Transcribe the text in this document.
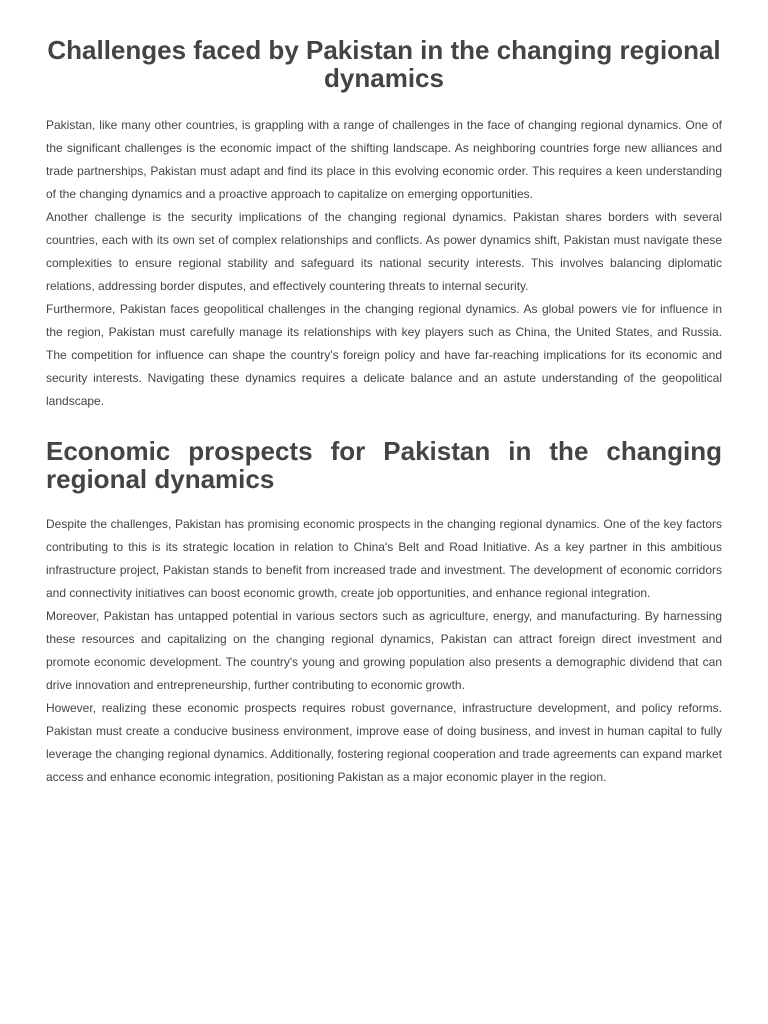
Challenges faced by Pakistan in the changing regional dynamics

Pakistan, like many other countries, is grappling with a range of challenges in the face of changing regional dynamics. One of the significant challenges is the economic impact of the shifting landscape. As neighboring countries forge new alliances and trade partnerships, Pakistan must adapt and find its place in this evolving economic order. This requires a keen understanding of the changing dynamics and a proactive approach to capitalize on emerging opportunities.

Another challenge is the security implications of the changing regional dynamics. Pakistan shares borders with several countries, each with its own set of complex relationships and conflicts. As power dynamics shift, Pakistan must navigate these complexities to ensure regional stability and safeguard its national security interests. This involves balancing diplomatic relations, addressing border disputes, and effectively countering threats to internal security.

Furthermore, Pakistan faces geopolitical challenges in the changing regional dynamics. As global powers vie for influence in the region, Pakistan must carefully manage its relationships with key players such as China, the United States, and Russia. The competition for influence can shape the country's foreign policy and have far-reaching implications for its economic and security interests. Navigating these dynamics requires a delicate balance and an astute understanding of the geopolitical landscape.

Economic prospects for Pakistan in the changing regional dynamics

Despite the challenges, Pakistan has promising economic prospects in the changing regional dynamics. One of the key factors contributing to this is its strategic location in relation to China's Belt and Road Initiative. As a key partner in this ambitious infrastructure project, Pakistan stands to benefit from increased trade and investment. The development of economic corridors and connectivity initiatives can boost economic growth, create job opportunities, and enhance regional integration.

Moreover, Pakistan has untapped potential in various sectors such as agriculture, energy, and manufacturing. By harnessing these resources and capitalizing on the changing regional dynamics, Pakistan can attract foreign direct investment and promote economic development. The country's young and growing population also presents a demographic dividend that can drive innovation and entrepreneurship, further contributing to economic growth.

However, realizing these economic prospects requires robust governance, infrastructure development, and policy reforms. Pakistan must create a conducive business environment, improve ease of doing business, and invest in human capital to fully leverage the changing regional dynamics. Additionally, fostering regional cooperation and trade agreements can expand market access and enhance economic integration, positioning Pakistan as a major economic player in the region.
